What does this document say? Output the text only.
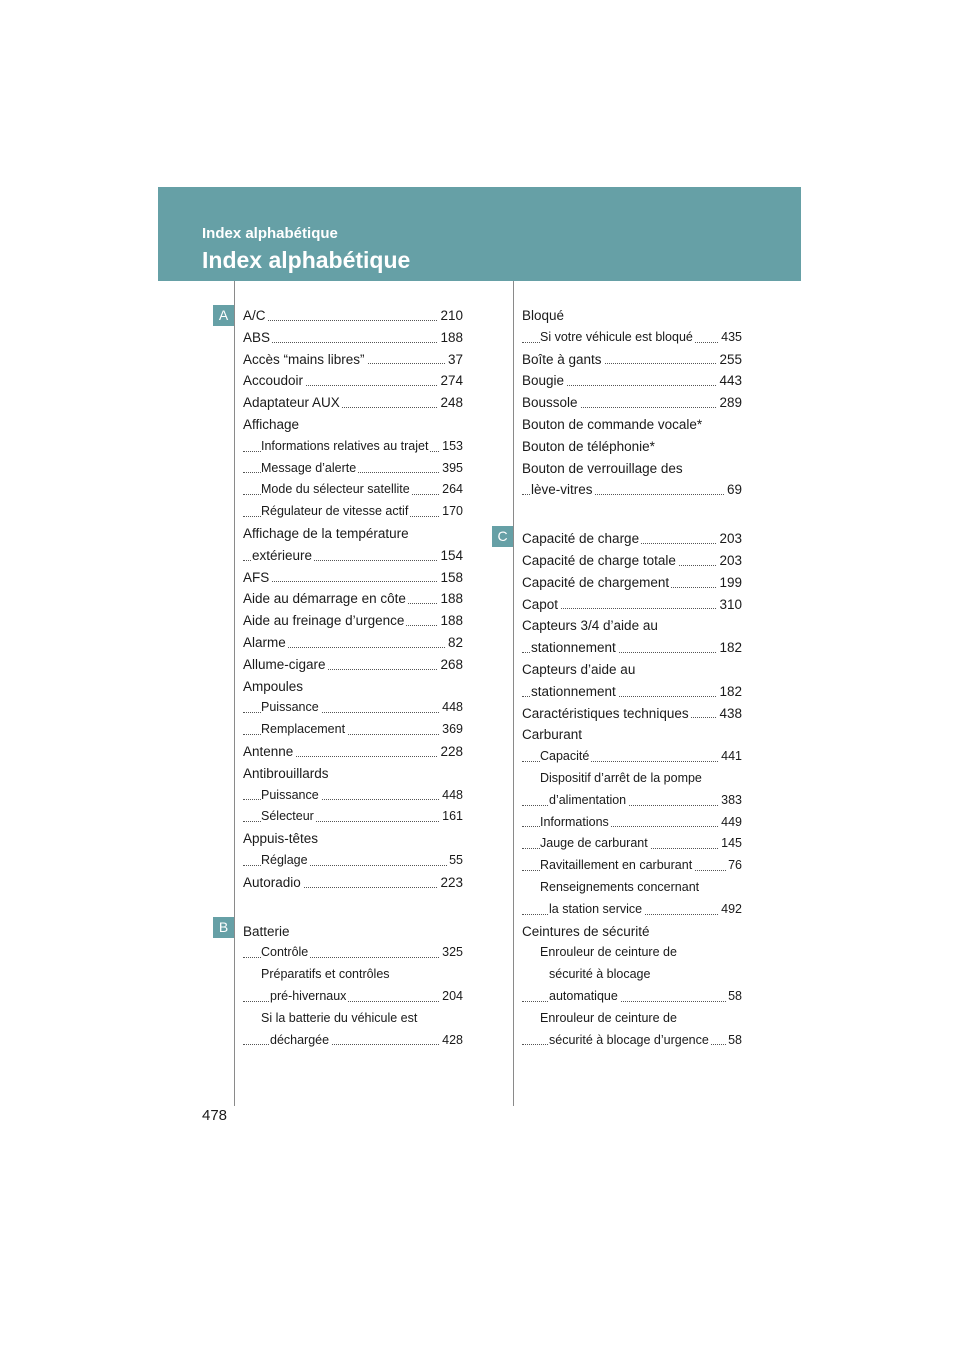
Index alphabétique
Index alphabétique
A
B
C
A/C	210
ABS	188
Accès “mains libres”	37
Accoudoir	274
Adaptateur AUX	248
Affichage
Informations relatives au trajet 153
Message d’alerte	395
Mode du sélecteur satellite	264
Régulateur de vitesse actif	170
Affichage de la température
extérieure	154
AFS	158
Aide au démarrage en côte	188
Aide au freinage d’urgence	188
Alarme	82
Allume-cigare	268
Ampoules
Puissance	448
Remplacement	369
Antenne	228
Antibrouillards
Puissance	448
Sélecteur	161
Appuis-têtes
Réglage	55
Autoradio	223
Batterie
Contrôle	325
Préparatifs et contrôles
pré-hivernaux	204
Si la batterie du véhicule est
déchargée	428
Bloqué
Si votre véhicule est bloqué 435
Boîte à gants	255
Bougie	443
Boussole	289
Bouton de commande vocale*
Bouton de téléphonie*
Bouton de verrouillage des
lève-vitres	69
Capacité de charge	203
Capacité de charge totale	203
Capacité de chargement	199
Capot	310
Capteurs 3/4 d’aide au
stationnement	182
Capteurs d’aide au
stationnement	182
Caractéristiques techniques 438
Carburant
Capacité	441
Dispositif d’arrêt de la pompe
d’alimentation	383
Informations	449
Jauge de carburant	145
Ravitaillement en carburant	76
Renseignements concernant
la station service	492
Ceintures de sécurité
Enrouleur de ceinture de
sécurité à blocage
automatique	58
Enrouleur de ceinture de
sécurité à blocage d’urgence 58
478
